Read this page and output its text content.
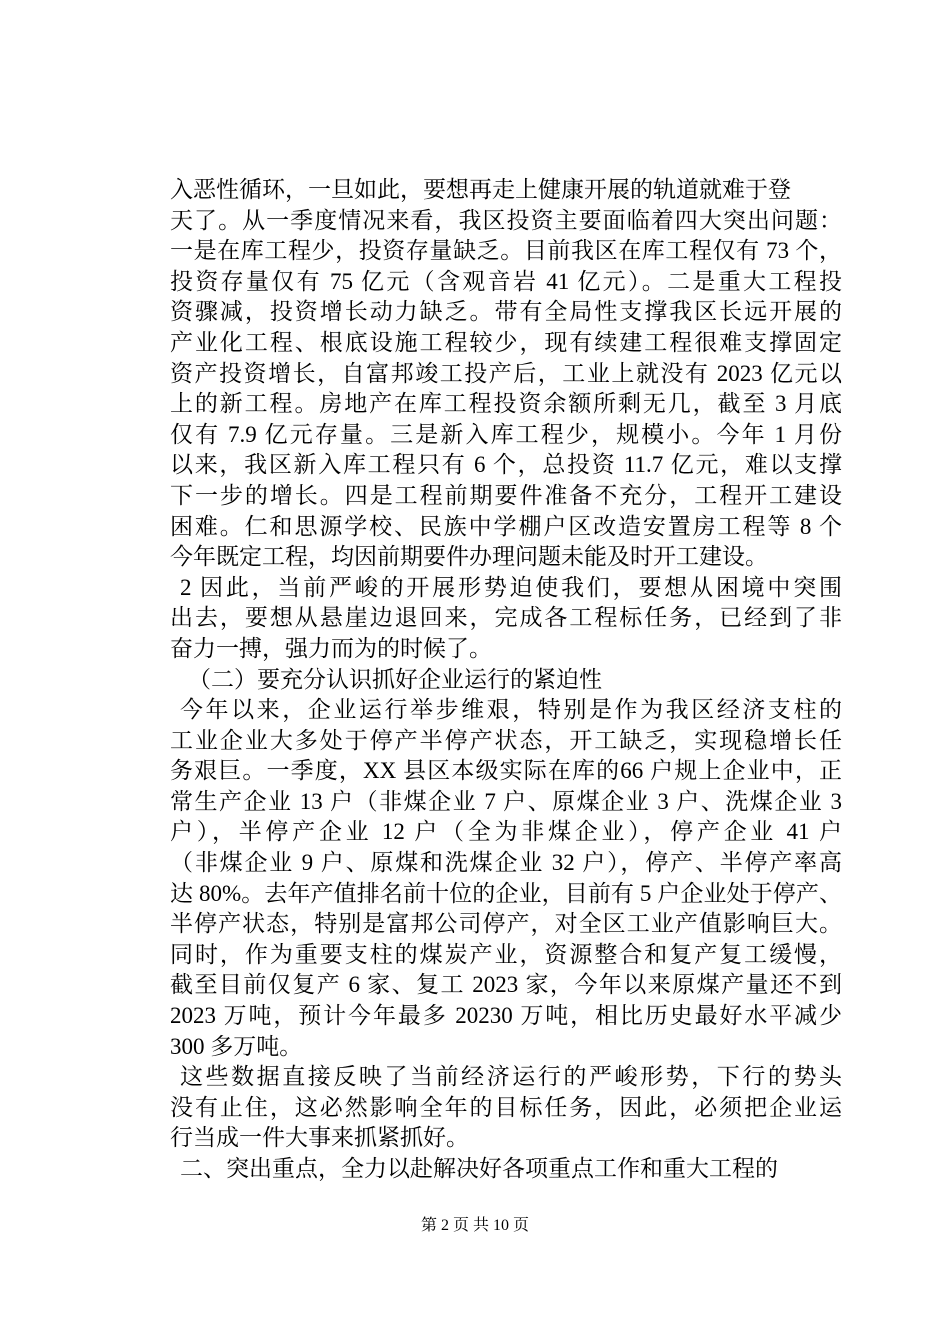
入恶性循环，一旦如此，要想再走上健康开展的轨道就难于登
天了。从一季度情况来看，我区投资主要面临着四大突出问题：
一是在库工程少，投资存量缺乏。目前我区在库工程仅有 73 个，
投资存量仅有 75 亿元（含观音岩 41 亿元）。二是重大工程投
资骤减，投资增长动力缺乏。带有全局性支撑我区长远开展的
产业化工程、根底设施工程较少，现有续建工程很难支撑固定
资产投资增长，自富邦竣工投产后，工业上就没有 2023 亿元以
上的新工程。房地产在库工程投资余额所剩无几，截至 3 月底
仅有 7.9 亿元存量。三是新入库工程少，规模小。今年 1 月份
以来，我区新入库工程只有 6 个，总投资 11.7 亿元，难以支撑
下一步的增长。四是工程前期要件准备不充分，工程开工建设
困难。仁和思源学校、民族中学棚户区改造安置房工程等 8 个
今年既定工程，均因前期要件办理问题未能及时开工建设。
2 因此，当前严峻的开展形势迫使我们，要想从困境中突围
出去，要想从悬崖边退回来，完成各工程标任务，已经到了非
奋力一搏，强力而为的时候了。
（二）要充分认识抓好企业运行的紧迫性
今年以来，企业运行举步维艰，特别是作为我区经济支柱的
工业企业大多处于停产半停产状态，开工缺乏，实现稳增长任
务艰巨。一季度，XX 县区本级实际在库的66 户规上企业中，正
常生产企业 13 户（非煤企业 7 户、原煤企业 3 户、洗煤企业 3
户），半停产企业 12 户（全为非煤企业），停产企业 41 户
（非煤企业 9 户、原煤和洗煤企业 32 户），停产、半停产率高
达 80%。去年产值排名前十位的企业，目前有 5 户企业处于停产、
半停产状态，特别是富邦公司停产，对全区工业产值影响巨大。
同时，作为重要支柱的煤炭产业，资源整合和复产复工缓慢，
截至目前仅复产 6 家、复工 2023 家，今年以来原煤产量还不到
2023 万吨，预计今年最多 20230 万吨，相比历史最好水平减少
300 多万吨。
这些数据直接反映了当前经济运行的严峻形势，下行的势头
没有止住，这必然影响全年的目标任务，因此，必须把企业运
行当成一件大事来抓紧抓好。
二、突出重点，全力以赴解决好各项重点工作和重大工程的
第 2 页 共 10 页
